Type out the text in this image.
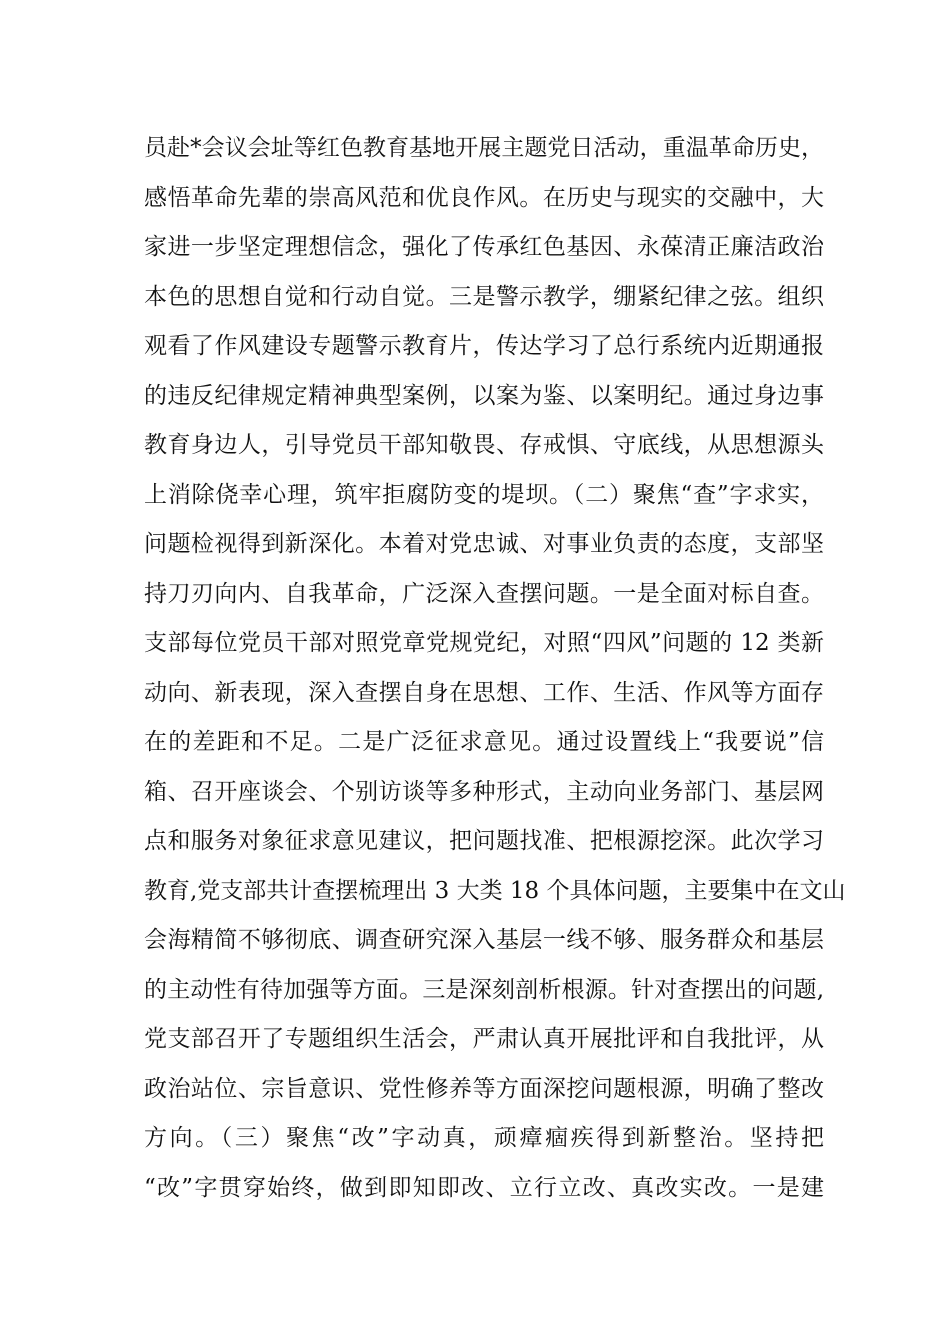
员赴*会议会址等红色教育基地开展主题党日活动，重温革命历史，
感悟革命先辈的崇高风范和优良作风。在历史与现实的交融中，大
家进一步坚定理想信念，强化了传承红色基因、永葆清正廉洁政治
本色的思想自觉和行动自觉。三是警示教学，绷紧纪律之弦。组织
观看了作风建设专题警示教育片，传达学习了总行系统内近期通报
的违反纪律规定精神典型案例，以案为鉴、以案明纪。通过身边事
教育身边人，引导党员干部知敬畏、存戒惧、守底线，从思想源头
上消除侥幸心理，筑牢拒腐防变的堤坝。（二）聚焦“查”字求实，
问题检视得到新深化。本着对党忠诚、对事业负责的态度，支部坚
持刀刃向内、自我革命，广泛深入查摆问题。一是全面对标自查。
支部每位党员干部对照党章党规党纪，对照“四风”问题的 12 类新
动向、新表现，深入查摆自身在思想、工作、生活、作风等方面存
在的差距和不足。二是广泛征求意见。通过设置线上“我要说”信
箱、召开座谈会、个别访谈等多种形式，主动向业务部门、基层网
点和服务对象征求意见建议，把问题找准、把根源挖深。此次学习
教育,党支部共计查摆梳理出 3 大类 18 个具体问题，主要集中在文山
会海精简不够彻底、调查研究深入基层一线不够、服务群众和基层
的主动性有待加强等方面。三是深刻剖析根源。针对查摆出的问题,
党支部召开了专题组织生活会，严肃认真开展批评和自我批评，从
政治站位、宗旨意识、党性修养等方面深挖问题根源，明确了整改
方向。（三）聚焦“改”字动真，顽瘴痼疾得到新整治。坚持把
“改”字贯穿始终，做到即知即改、立行立改、真改实改。一是建
